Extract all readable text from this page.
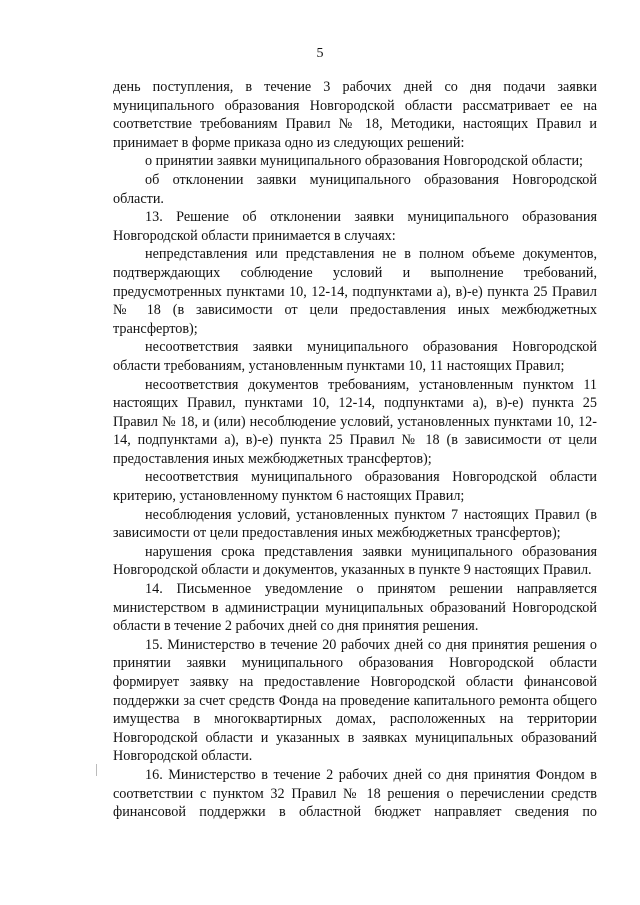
5

день поступления, в течение 3 рабочих дней со дня подачи заявки муниципального образования Новгородской области рассматривает ее на соответствие требованиям Правил № 18, Методики, настоящих Правил и принимает в форме приказа одно из следующих решений:

о принятии заявки муниципального образования Новгородской области;

об отклонении заявки муниципального образования Новгородской области.

13. Решение об отклонении заявки муниципального образования Новгородской области принимается в случаях:

непредставления или представления не в полном объеме документов, подтверждающих соблюдение условий и выполнение требований, предусмотренных пунктами 10, 12-14, подпунктами а), в)-е) пункта 25 Правил № 18 (в зависимости от цели предоставления иных межбюджетных трансфертов);

несоответствия заявки муниципального образования Новгородской области требованиям, установленным пунктами 10, 11 настоящих Правил;

несоответствия документов требованиям, установленным пунктом 11 настоящих Правил, пунктами 10, 12-14, подпунктами а), в)-е) пункта 25 Правил № 18, и (или) несоблюдение условий, установленных пунктами 10, 12-14, подпунктами а), в)-е) пункта 25 Правил № 18 (в зависимости от цели предоставления иных межбюджетных трансфертов);

несоответствия муниципального образования Новгородской области критерию, установленному пунктом 6 настоящих Правил;

несоблюдения условий, установленных пунктом 7 настоящих Правил (в зависимости от цели предоставления иных межбюджетных трансфертов);

нарушения срока представления заявки муниципального образования Новгородской области и документов, указанных в пункте 9 настоящих Правил.

14. Письменное уведомление о принятом решении направляется министерством в администрации муниципальных образований Новгородской области в течение 2 рабочих дней со дня принятия решения.

15. Министерство в течение 20 рабочих дней со дня принятия решения о принятии заявки муниципального образования Новгородской области формирует заявку на предоставление Новгородской области финансовой поддержки за счет средств Фонда на проведение капитального ремонта общего имущества в многоквартирных домах, расположенных на территории Новгородской области и указанных в заявках муниципальных образований Новгородской области.

16. Министерство в течение 2 рабочих дней со дня принятия Фондом в соответствии с пунктом 32 Правил № 18 решения о перечислении средств финансовой поддержки в областной бюджет направляет сведения по
